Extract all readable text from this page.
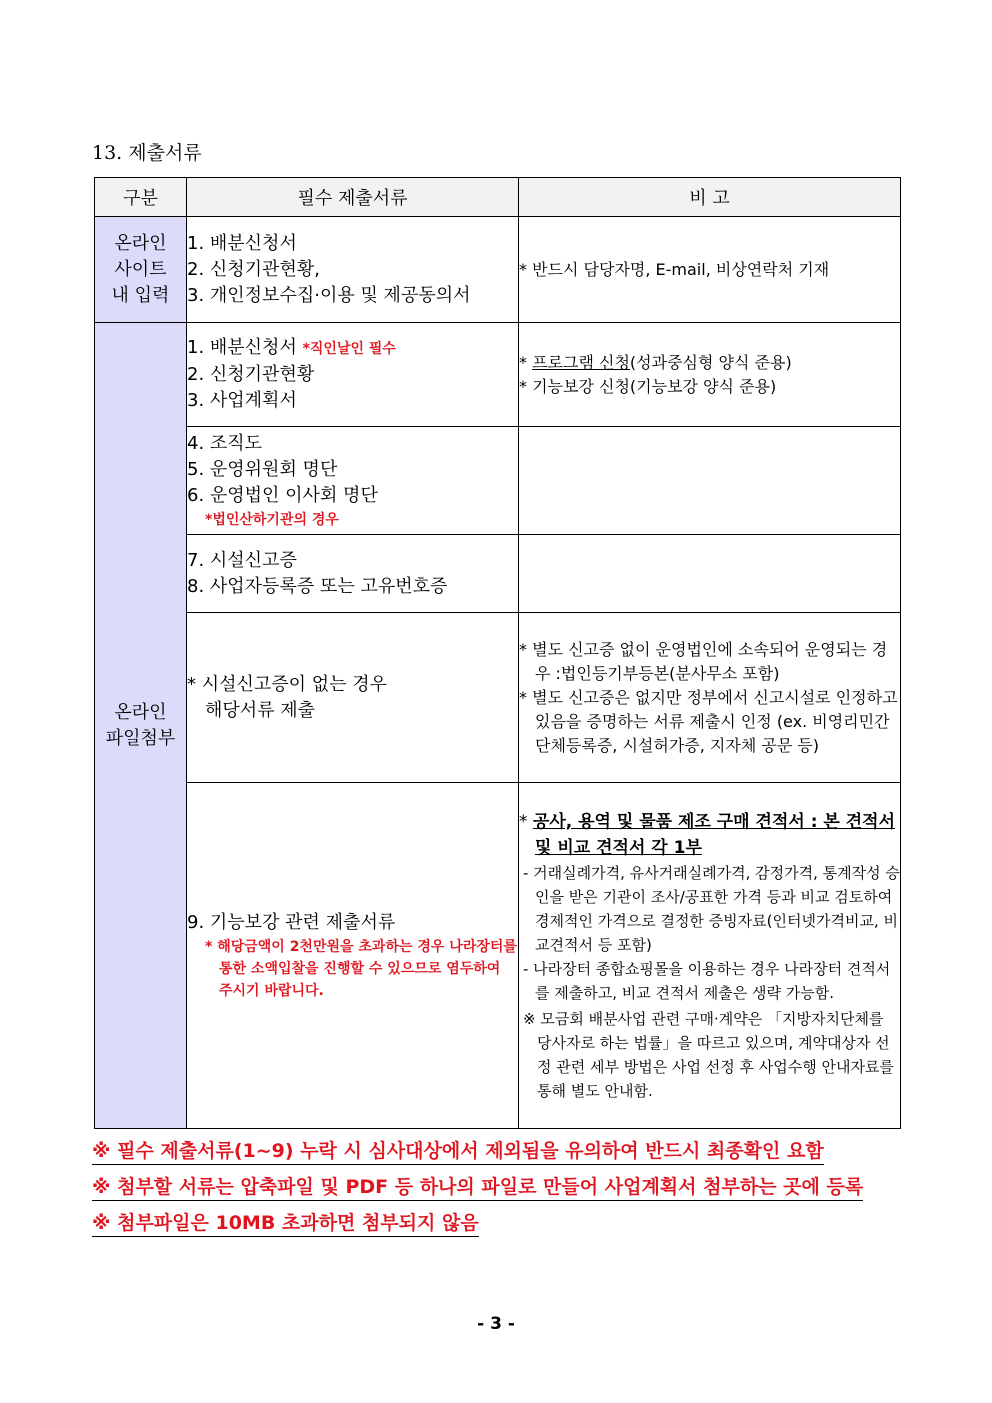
13. 제출서류
구분	필수 제출서류	비 고

온라인
사이트
내 입력	1. 배분신청서
2. 신청기관현황,
3. 개인정보수집·이용 및 제공동의서	* 반드시 담당자명, E-mail, 비상연락처 기재

온라인
파일첨부	1. 배분신청서 *직인날인 필수
2. 신청기관현황
3. 사업계획서	* 프로그램 신청(성과중심형 양식 준용)
* 기능보강 신청(기능보강 양식 준용)

	4. 조직도
5. 운영위원회 명단
6. 운영법인 이사회 명단
*법인산하기관의 경우	

	7. 시설신고증
8. 사업자등록증 또는 고유번호증	

	* 시설신고증이 없는 경우
해당서류 제출	* 별도 신고증 없이 운영법인에 소속되어 운영되는 경우 :법인등기부등본(분사무소 포함)
* 별도 신고증은 없지만 정부에서 신고시설로 인정하고 있음을 증명하는 서류 제출시 인정 (ex. 비영리민간단체등록증, 시설허가증, 지자체 공문 등)

	9. 기능보강 관련 제출서류
* 해당금액이 2천만원을 초과하는 경우 나라장터를 통한 소액입찰을 진행할 수 있으므로 염두하여 주시기 바랍니다.	* 공사, 용역 및 물품 제조 구매 견적서 : 본 견적서 및 비교 견적서 각 1부
- 거래실례가격, 유사거래실례가격, 감정가격, 통계작성 승인을 받은 기관이 조사/공표한 가격 등과 비교 검토하여 경제적인 가격으로 결정한 증빙자료(인터넷가격비교, 비교견적서 등 포함)
- 나라장터 종합쇼핑몰을 이용하는 경우 나라장터 견적서를 제출하고, 비교 견적서 제출은 생략 가능함.
※ 모금회 배분사업 관련 구매·계약은 「지방자치단체를 당사자로 하는 법률」을 따르고 있으며, 계약대상자 선정 관련 세부 방법은 사업 선정 후 사업수행 안내자료를 통해 별도 안내함.
※ 필수 제출서류(1~9) 누락 시 심사대상에서 제외됨을 유의하여 반드시 최종확인 요함
※ 첨부할 서류는 압축파일 및 PDF 등 하나의 파일로 만들어 사업계획서 첨부하는 곳에 등록
※ 첨부파일은 10MB 초과하면 첨부되지 않음
- 3 -
